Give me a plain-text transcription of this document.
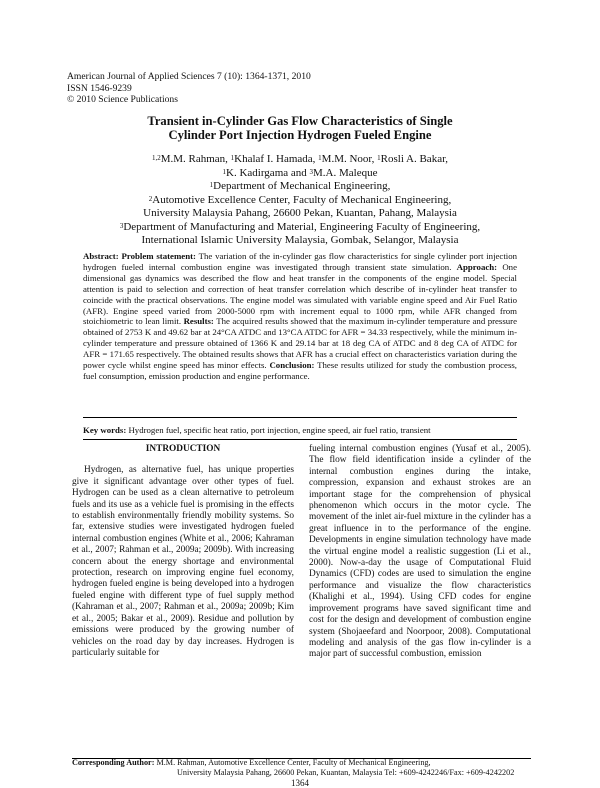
American Journal of Applied Sciences 7 (10): 1364-1371, 2010
ISSN 1546-9239
© 2010 Science Publications
Transient in-Cylinder Gas Flow Characteristics of Single
Cylinder Port Injection Hydrogen Fueled Engine
$^{1,2}$M.M. Rahman, $^1$Khalaf I. Hamada, $^1$M.M. Noor, $^1$Rosli A. Bakar,
$^1$K. Kadirgama and $^3$M.A. Maleque
$^1$Department of Mechanical Engineering,
$^2$Automotive Excellence Center, Faculty of Mechanical Engineering,
University Malaysia Pahang, 26600 Pekan, Kuantan, Pahang, Malaysia
$^3$Department of Manufacturing and Material, Engineering Faculty of Engineering,
International Islamic University Malaysia, Gombak, Selangor, Malaysia
Abstract: Problem statement: The variation of the in-cylinder gas flow characteristics for single cylinder port injection hydrogen fueled internal combustion engine was investigated through transient state simulation. Approach: One dimensional gas dynamics was described the flow and heat transfer in the components of the engine model. Special attention is paid to selection and correction of heat transfer correlation which describe of in-cylinder heat transfer to coincide with the practical observations. The engine model was simulated with variable engine speed and Air Fuel Ratio (AFR). Engine speed varied from 2000-5000 rpm with increment equal to 1000 rpm, while AFR changed from stoichiometric to lean limit. Results: The acquired results showed that the maximum in-cylinder temperature and pressure obtained of 2753 K and 49.62 bar at 24°CA ATDC and 13°CA ATDC for AFR = 34.33 respectively, while the minimum in-cylinder temperature and pressure obtained of 1366 K and 29.14 bar at 18 deg CA of ATDC and 8 deg CA of ATDC for AFR = 171.65 respectively. The obtained results shows that AFR has a crucial effect on characteristics variation during the power cycle whilst engine speed has minor effects. Conclusion: These results utilized for study the combustion process, fuel consumption, emission production and engine performance.
Key words: Hydrogen fuel, specific heat ratio, port injection, engine speed, air fuel ratio, transient
INTRODUCTION

Hydrogen, as alternative fuel, has unique properties give it significant advantage over other types of fuel. Hydrogen can be used as a clean alternative to petroleum fuels and its use as a vehicle fuel is promising in the effects to establish environmentally friendly mobility systems. So far, extensive studies were investigated hydrogen fueled internal combustion engines (White et al., 2006; Kahraman et al., 2007; Rahman et al., 2009a; 2009b). With increasing concern about the energy shortage and environmental protection, research on improving engine fuel economy, hydrogen fueled engine is being developed into a hydrogen fueled engine with different type of fuel supply method (Kahraman et al., 2007; Rahman et al., 2009a; 2009b; Kim et al., 2005; Bakar et al., 2009). Residue and pollution by emissions were produced by the growing number of vehicles on the road day by day increases. Hydrogen is particularly suitable for

fueling internal combustion engines (Yusaf et al., 2005). The flow field identification inside a cylinder of the internal combustion engines during the intake, compression, expansion and exhaust strokes are an important stage for the comprehension of physical phenomenon which occurs in the motor cycle. The movement of the inlet air-fuel mixture in the cylinder has a great influence in to the performance of the engine. Developments in engine simulation technology have made the virtual engine model a realistic suggestion (Li et al., 2000). Now-a-day the usage of Computational Fluid Dynamics (CFD) codes are used to simulation the engine performance and visualize the flow characteristics (Khalighi et al., 1994). Using CFD codes for engine improvement programs have saved significant time and cost for the design and development of combustion engine system (Shojaeefard and Noorpoor, 2008). Computational modeling and analysis of the gas flow in-cylinder is a major part of successful combustion, emission

Corresponding Author: M.M. Rahman, Automotive Excellence Center, Faculty of Mechanical Engineering,
University Malaysia Pahang, 26600 Pekan, Kuantan, Malaysia Tel: +609-4242246/Fax: +609-4242202
1364
